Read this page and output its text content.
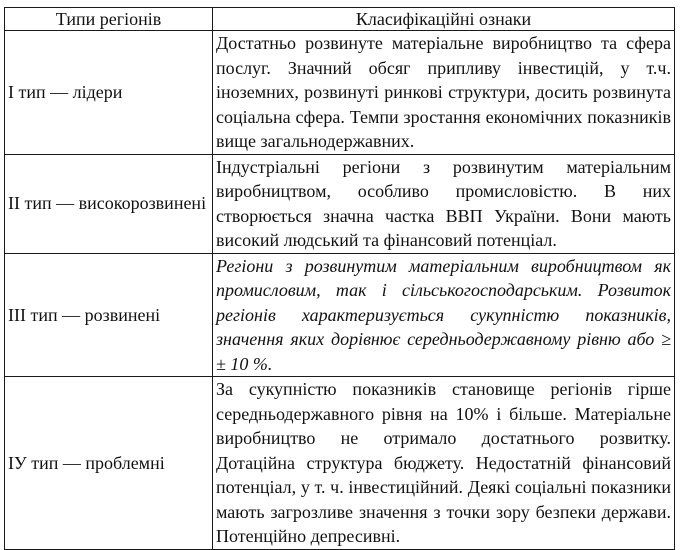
Типи регіонів	Класифікаційні ознаки
I тип — лідери	Достатньо розвинуте матеріальне виробництво та сфера послуг. Значний обсяг припливу інвестицій, у т.ч. іноземних, розвинуті ринкові структури, досить розвинута соціальна сфера. Темпи зростання економічних показників вище загальнодержавних.
II тип — високорозвинені	Індустріальні регіони з розвинутим матеріальним виробництвом, особливо промисловістю. В них створюється значна частка ВВП України. Вони мають високий людський та фінансовий потенціал.
III тип — розвинені	Регіони з розвинутим матеріальним виробництвом як промисловим, так і сільськогосподарським. Розвиток регіонів характеризується сукупністю показників, значення яких дорівнює середньодержавному рівню або ≥ ± 10 %.
ІУ тип — проблемні	За сукупністю показників становище регіонів гірше середньодержавного рівня на 10% і більше. Матеріальне виробництво не отримало достатнього розвитку. Дотаційна структура бюджету. Недостатній фінансовий потенціал, у т. ч. інвестиційний. Деякі соціальні показники мають загрозливе значення з точки зору безпеки держави. Потенційно депресивні.
